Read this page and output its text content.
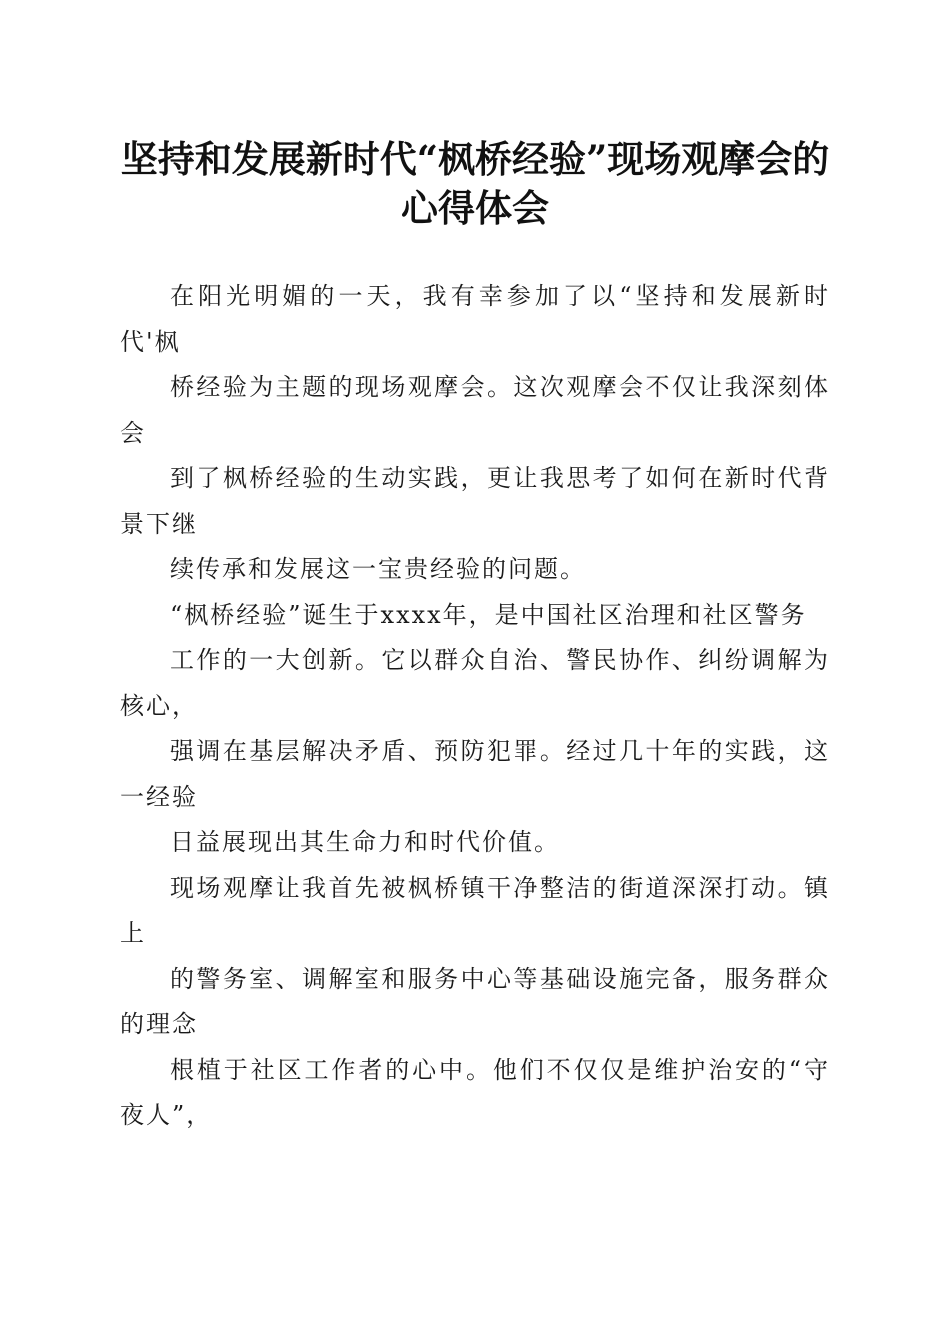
坚持和发展新时代“枫桥经验”现场观摩会的
心得体会

在阳光明媚的一天，我有幸参加了以“坚持和发展新时代'枫

桥经验为主题的现场观摩会。这次观摩会不仅让我深刻体会

到了枫桥经验的生动实践，更让我思考了如何在新时代背景下继

续传承和发展这一宝贵经验的问题。

“枫桥经验”诞生于xxxx年，是中国社区治理和社区警务

工作的一大创新。它以群众自治、警民协作、纠纷调解为核心，

强调在基层解决矛盾、预防犯罪。经过几十年的实践，这一经验

日益展现出其生命力和时代价值。

现场观摩让我首先被枫桥镇干净整洁的街道深深打动。镇上

的警务室、调解室和服务中心等基础设施完备，服务群众的理念

根植于社区工作者的心中。他们不仅仅是维护治安的“守夜人”，
